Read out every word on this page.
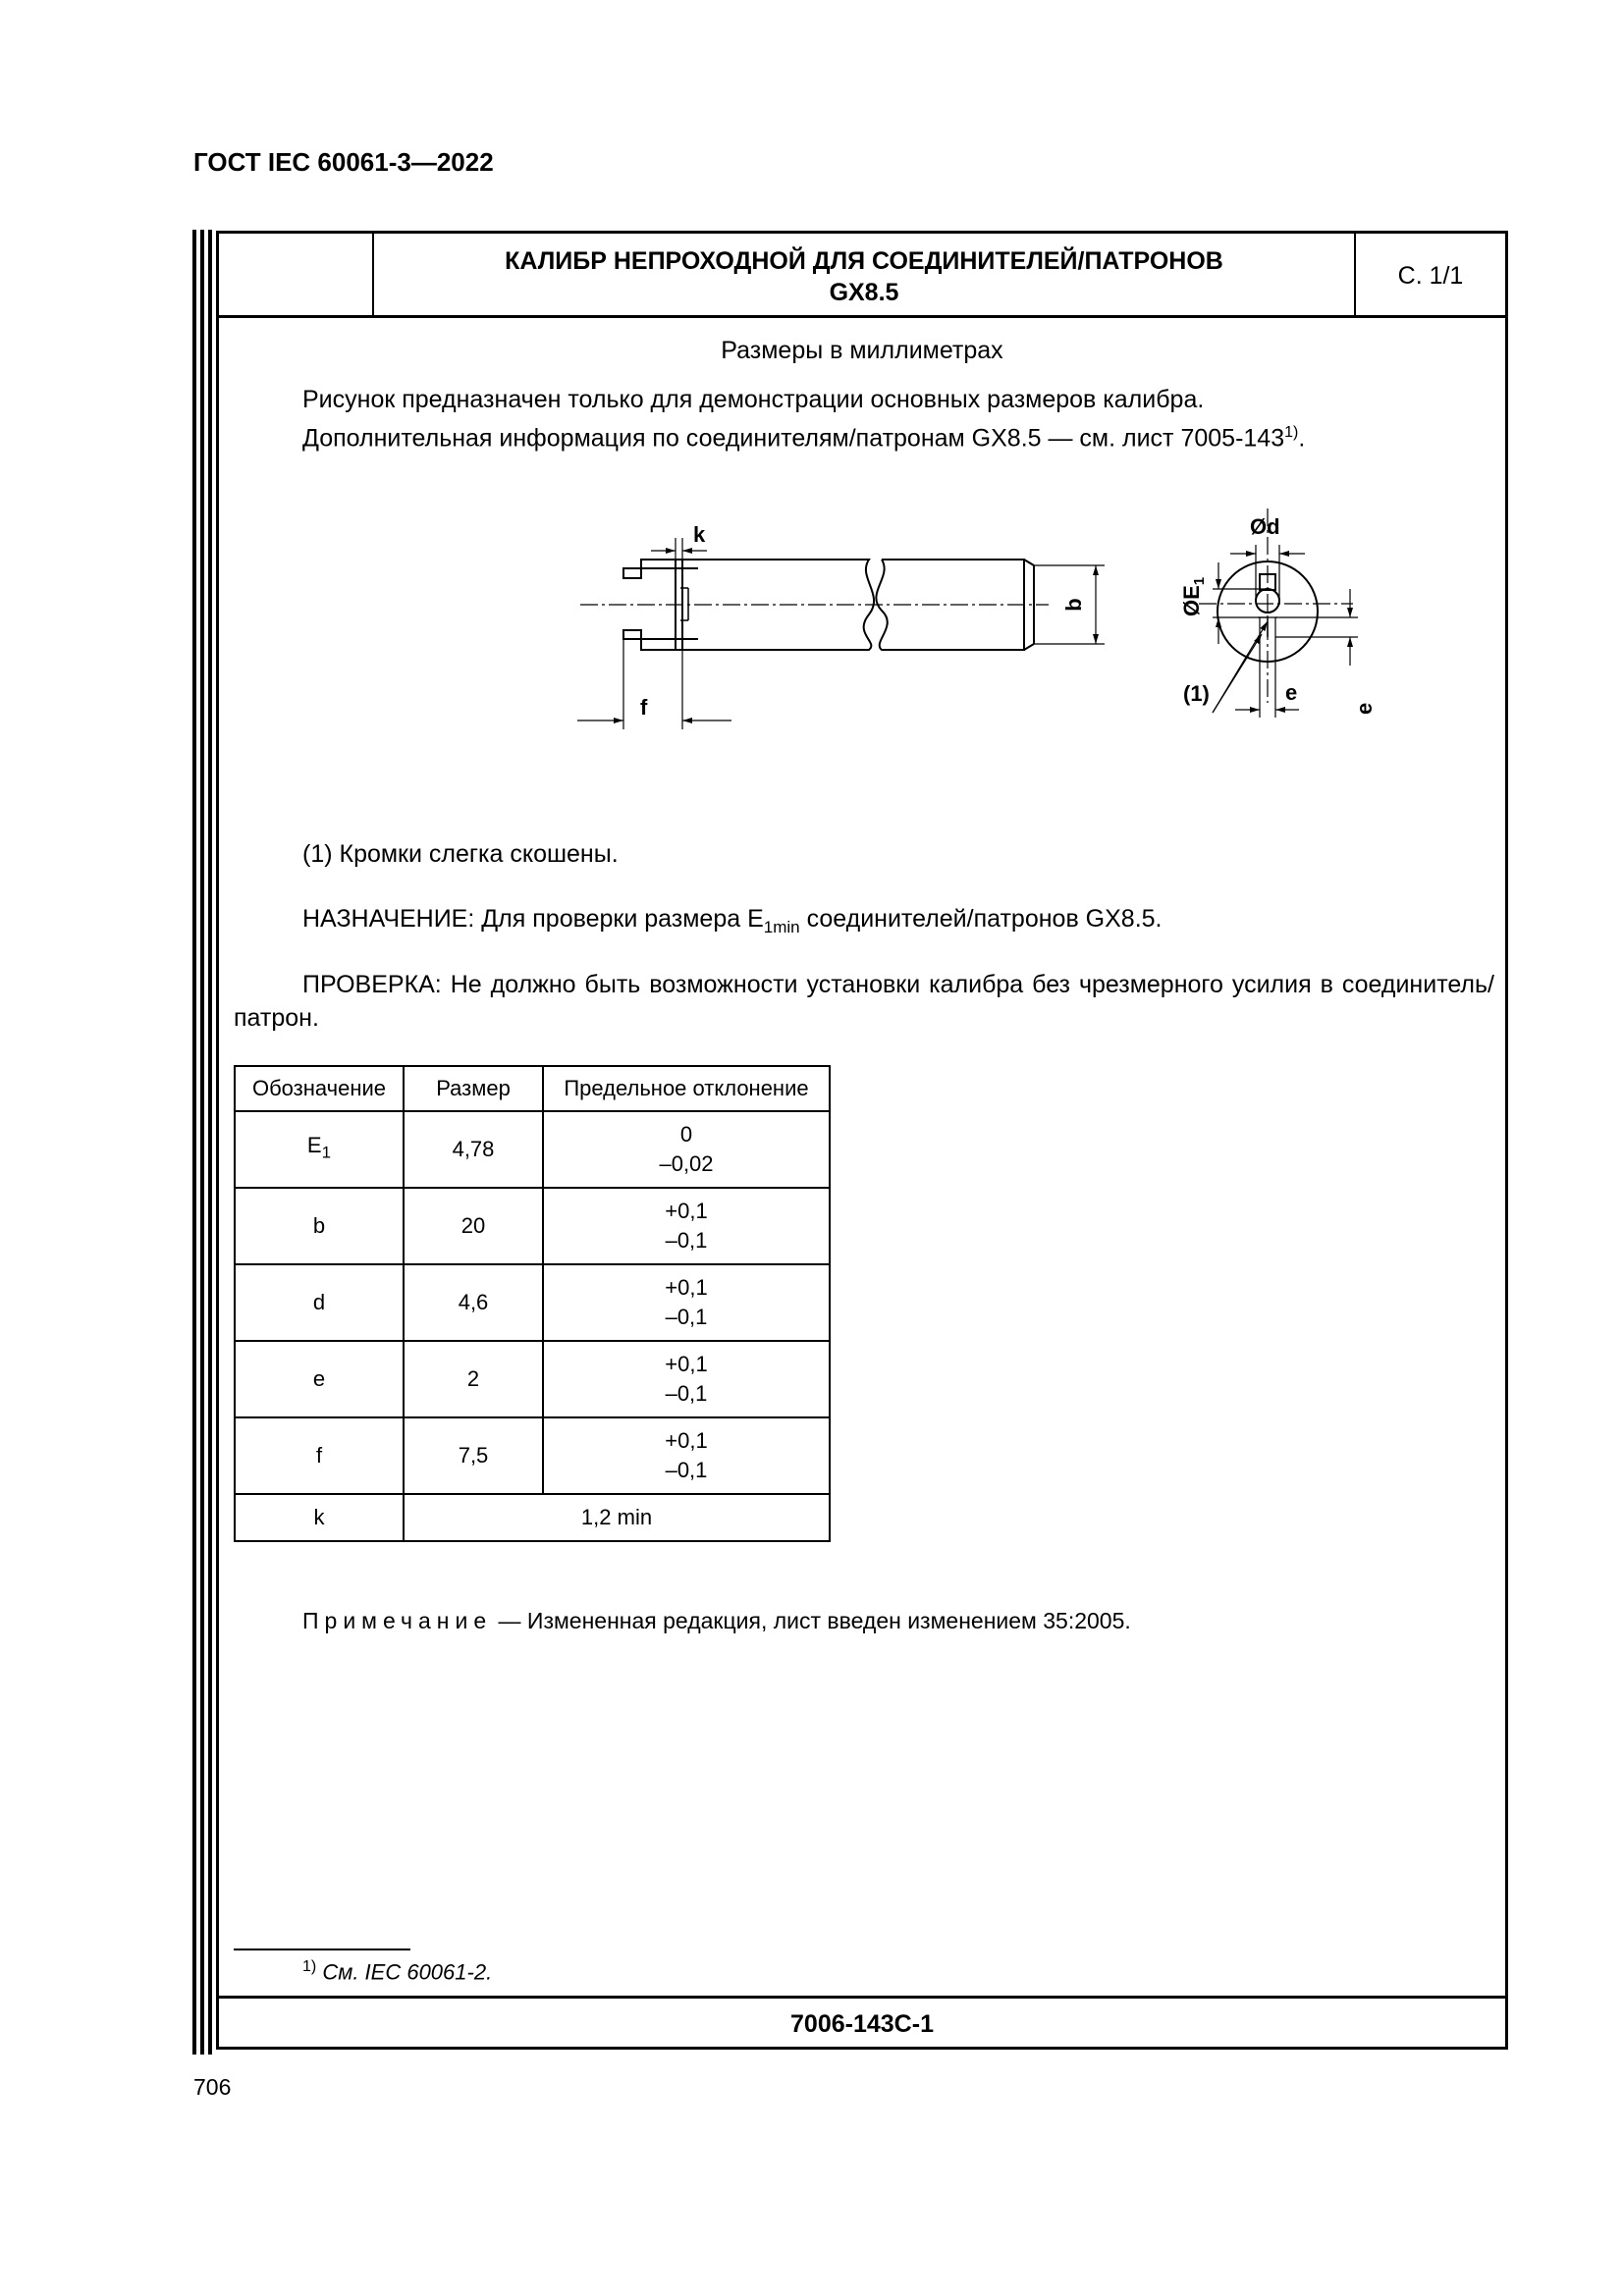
ГОСТ IEC 60061-3—2022
КАЛИБР НЕПРОХОДНОЙ ДЛЯ СОЕДИНИТЕЛЕЙ/ПАТРОНОВ
GX8.5
С. 1/1
Размеры в миллиметрах
Рисунок предназначен только для демонстрации основных размеров калибра.
Дополнительная информация по соединителям/патронам GX8.5 — см. лист 7005-143$^{1)}$.
k
f
b
Ød
$ØE_1$
e
e
(1)
(1) Кромки слегка скошены.
НАЗНАЧЕНИЕ: Для проверки размера $E_{1min}$ соединителей/патронов GX8.5.
ПРОВЕРКА: Не должно быть возможности установки калибра без чрезмерного усилия в соединитель/патрон.
Обозначение	Размер	Предельное отклонение
$E_1$	4,78	0
–0,02

b	20	+0,1
–0,1

d	4,6	+0,1
–0,1

e	2	+0,1
–0,1

f	7,5	+0,1
–0,1

k	1,2 min	
Примечание — Измененная редакция, лист введен изменением 35:2005.
$^{1)}$ См. IEC 60061-2.
7006-143C-1
706
